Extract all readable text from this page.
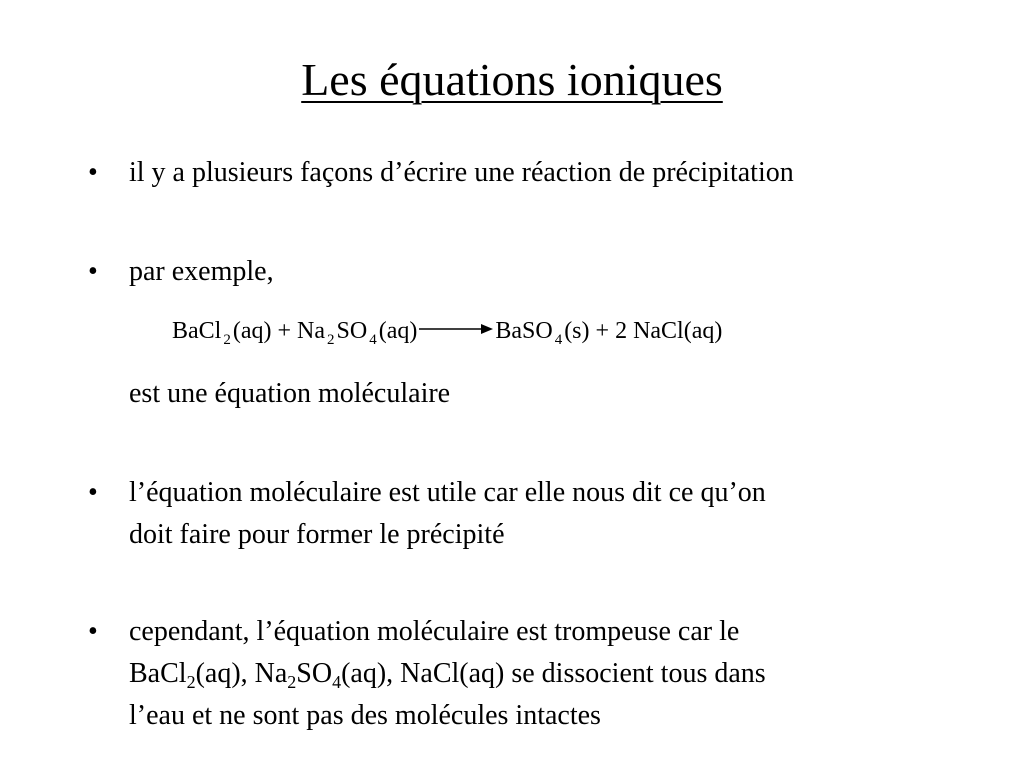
Les équations ioniques
• il y a plusieurs façons d’écrire une réaction de précipitation
• par exemple,
BaCl $_2$(aq) + Na $_2$SO $_4$(aq) → BaSO $_4$(s) + 2 NaCl(aq)
est une équation moléculaire
• l’équation moléculaire est utile car elle nous dit ce qu’on
doit faire pour former le précipité
• cependant, l’équation moléculaire est trompeuse car le
BaCl$_2$(aq), $Na_2SO_4(aq)$, NaCl(aq) se dissocient tous dans
l’eau et ne sont pas des molécules intactes
